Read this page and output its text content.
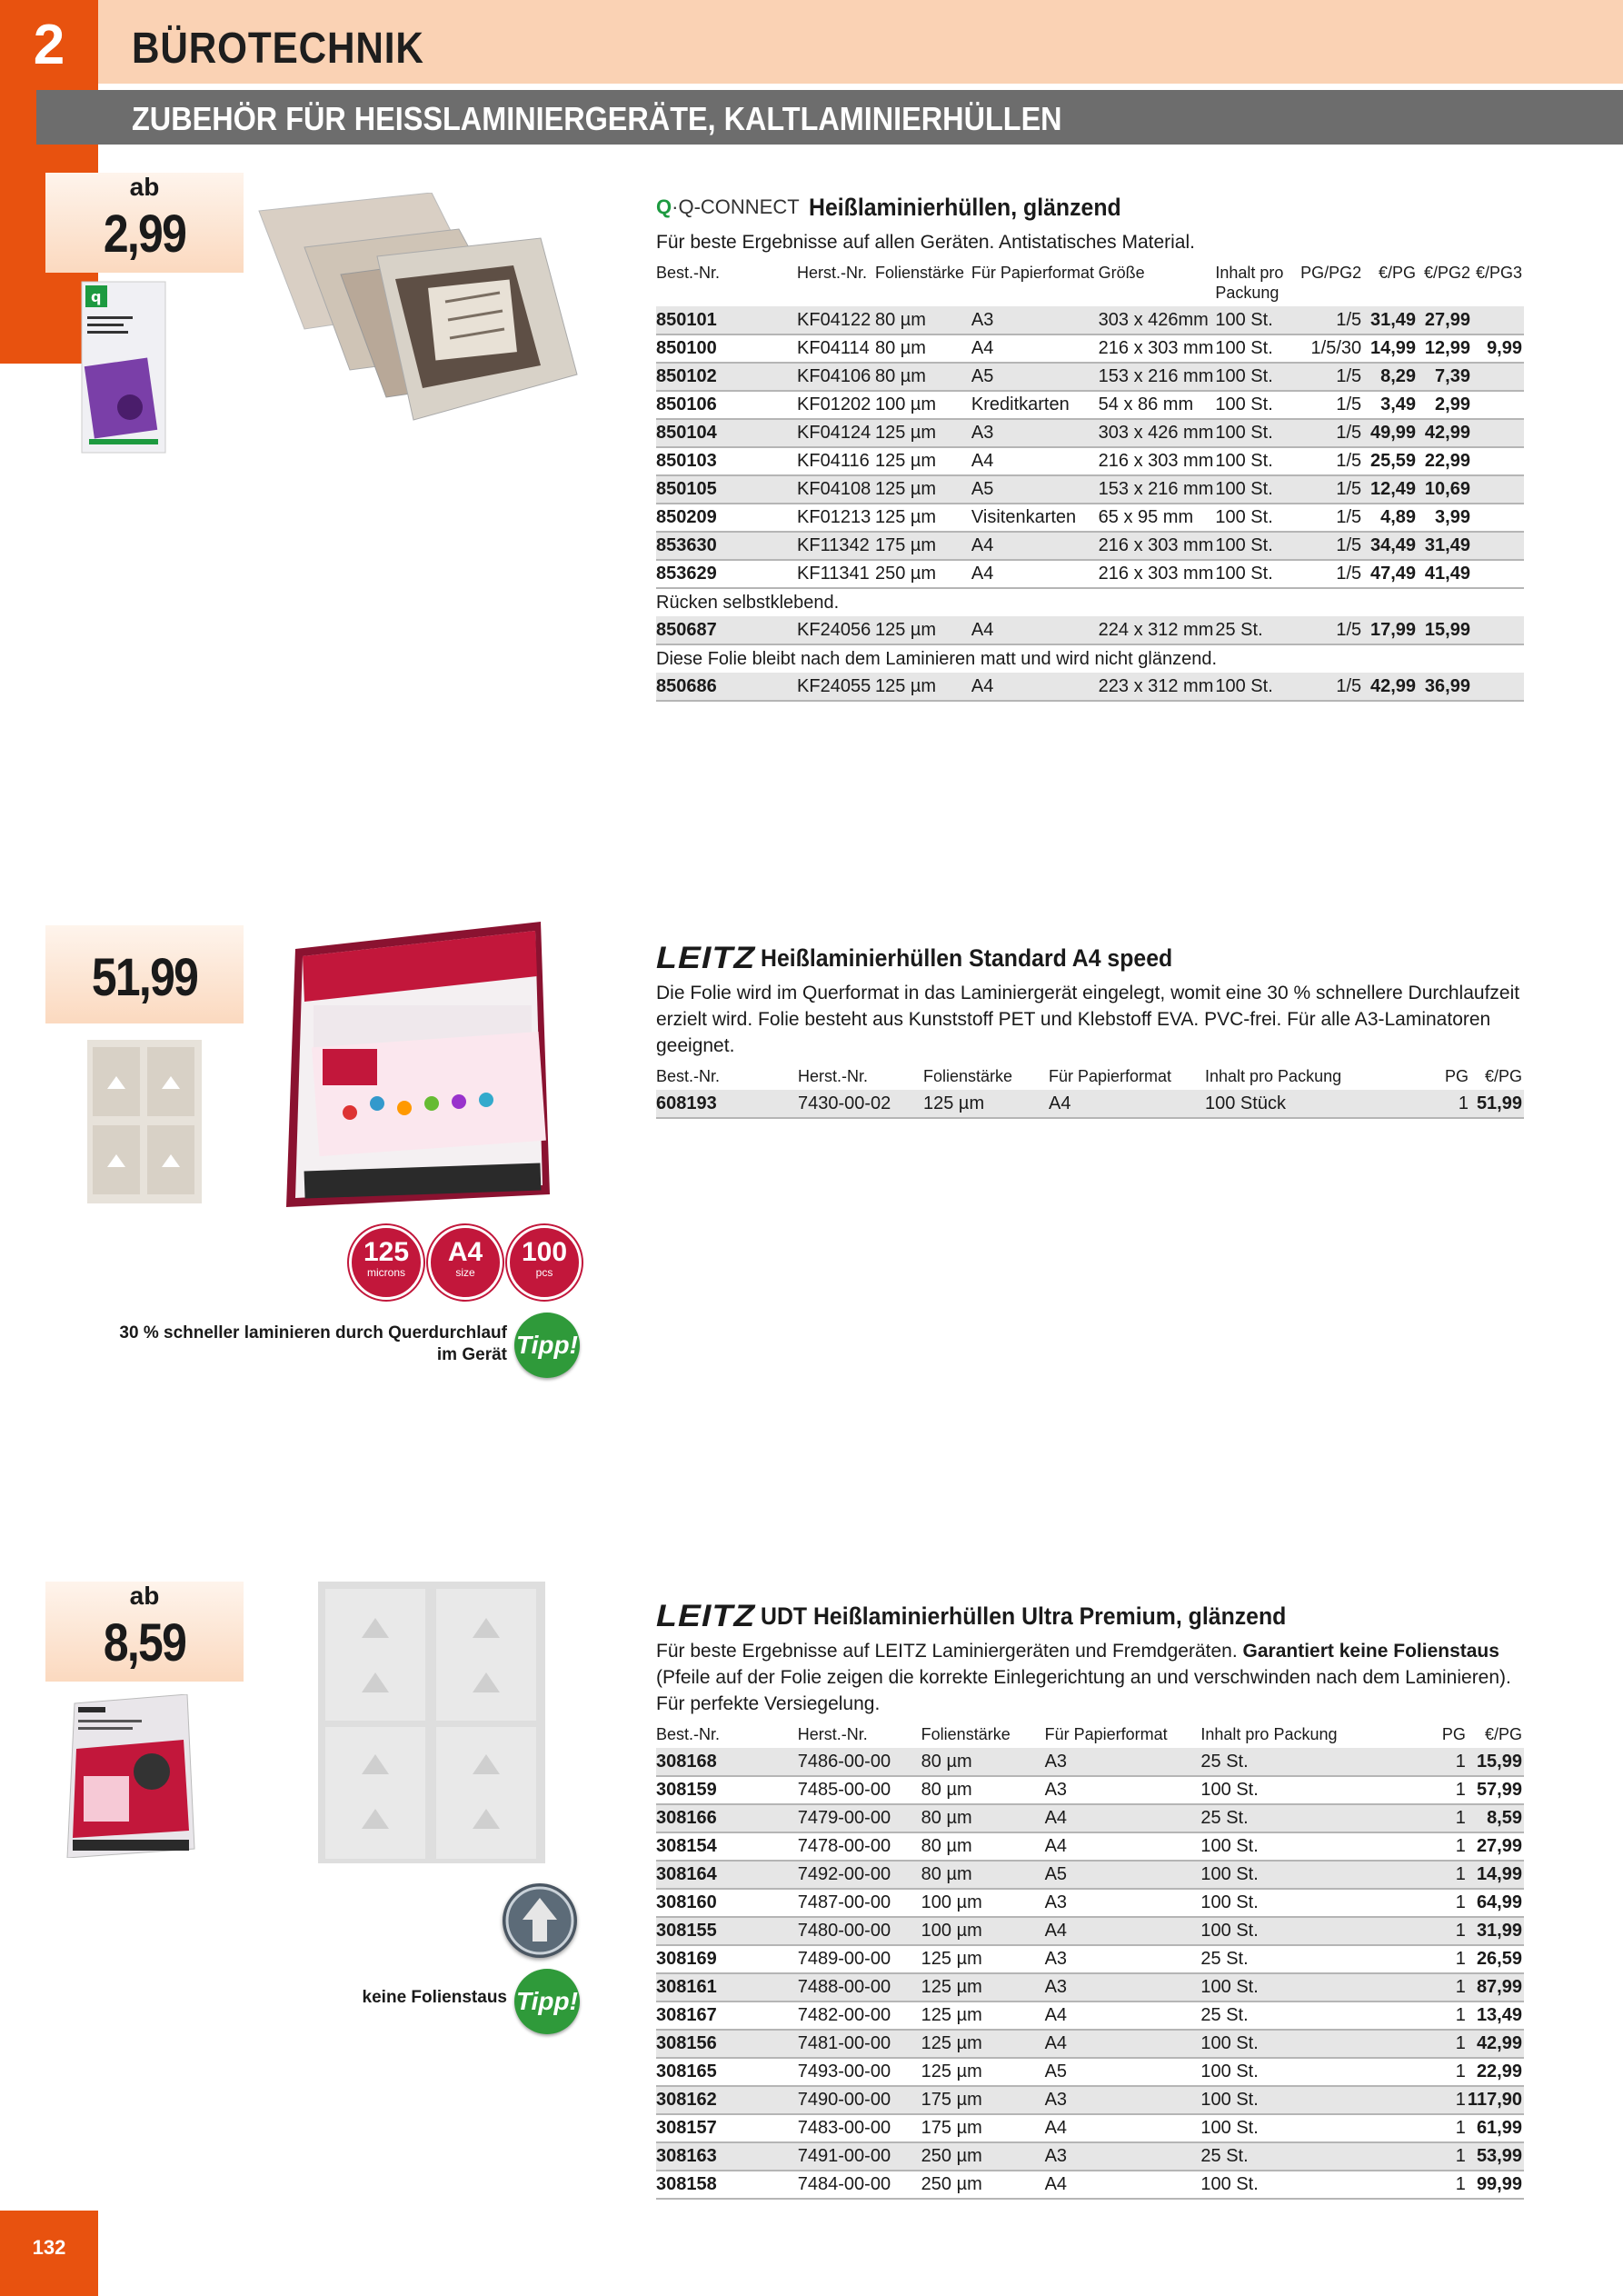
2	BÜROTECHNIK
ZUBEHÖR FÜR HEISSLAMINIERGERÄTE, KALTLAMINIERHÜLLEN
132
ab
2,99
q
Q·Q-CONNECT Heißlaminierhüllen, glänzend
Für beste Ergebnisse auf allen Geräten. Antistatisches Material.
Best.-Nr.	Herst.-Nr.	Folienstärke	Für Papierformat	Größe	Inhalt pro Packung	PG/PG2	€/PG	€/PG2	€/PG3
850101	KF04122	80 µm	A3	303 x 426mm	100 St.	1/5	31,49	27,99	
850100	KF04114	80 µm	A4	216 x 303 mm	100 St.	1/5/30	14,99	12,99	9,99
850102	KF04106	80 µm	A5	153 x 216 mm	100 St.	1/5	8,29	7,39	
850106	KF01202	100 µm	Kreditkarten	54 x 86 mm	100 St.	1/5	3,49	2,99	
850104	KF04124	125 µm	A3	303 x 426 mm	100 St.	1/5	49,99	42,99	
850103	KF04116	125 µm	A4	216 x 303 mm	100 St.	1/5	25,59	22,99	
850105	KF04108	125 µm	A5	153 x 216 mm	100 St.	1/5	12,49	10,69	
850209	KF01213	125 µm	Visitenkarten	65 x 95 mm	100 St.	1/5	4,89	3,99	
853630	KF11342	175 µm	A4	216 x 303 mm	100 St.	1/5	34,49	31,49	
853629	KF11341	250 µm	A4	216 x 303 mm	100 St.	1/5	47,49	41,49	
Rücken selbstklebend.									
850687	KF24056	125 µm	A4	224 x 312 mm	25 St.	1/5	17,99	15,99	
Diese Folie bleibt nach dem Laminieren matt und wird nicht glänzend.									
850686	KF24055	125 µm	A4	223 x 312 mm	100 St.	1/5	42,99	36,99	
51,99
125
microns
A4
size
100
pcs
30 % schneller laminieren durch Querdurchlauf im Gerät Tipp!
LEITZ Heißlaminierhüllen Standard A4 speed
Die Folie wird im Querformat in das Laminiergerät eingelegt, womit eine 30 % schnellere Durchlaufzeit erzielt wird. Folie besteht aus Kunststoff PET und Klebstoff EVA. PVC-frei. Für alle A3-Laminatoren geeignet.
Best.-Nr.	Herst.-Nr.	Folienstärke	Für Papierformat	Inhalt pro Packung	PG	€/PG
608193	7430-00-02	125 µm	A4	100 Stück	1	51,99
ab
8,59
keine Folienstaus Tipp!
LEITZ UDT Heißlaminierhüllen Ultra Premium, glänzend
Für beste Ergebnisse auf LEITZ Laminiergeräten und Fremdgeräten. Garantiert keine Folienstaus (Pfeile auf der Folie zeigen die korrekte Einlegerichtung an und verschwinden nach dem Laminieren). Für perfekte Versiegelung.
Best.-Nr.	Herst.-Nr.	Folienstärke	Für Papierformat	Inhalt pro Packung	PG	€/PG
308168	7486-00-00	80 µm	A3	25 St.	1	15,99
308159	7485-00-00	80 µm	A3	100 St.	1	57,99
308166	7479-00-00	80 µm	A4	25 St.	1	8,59
308154	7478-00-00	80 µm	A4	100 St.	1	27,99
308164	7492-00-00	80 µm	A5	100 St.	1	14,99
308160	7487-00-00	100 µm	A3	100 St.	1	64,99
308155	7480-00-00	100 µm	A4	100 St.	1	31,99
308169	7489-00-00	125 µm	A3	25 St.	1	26,59
308161	7488-00-00	125 µm	A3	100 St.	1	87,99
308167	7482-00-00	125 µm	A4	25 St.	1	13,49
308156	7481-00-00	125 µm	A4	100 St.	1	42,99
308165	7493-00-00	125 µm	A5	100 St.	1	22,99
308162	7490-00-00	175 µm	A3	100 St.	1	117,90
308157	7483-00-00	175 µm	A4	100 St.	1	61,99
308163	7491-00-00	250 µm	A3	25 St.	1	53,99
308158	7484-00-00	250 µm	A4	100 St.	1	99,99
